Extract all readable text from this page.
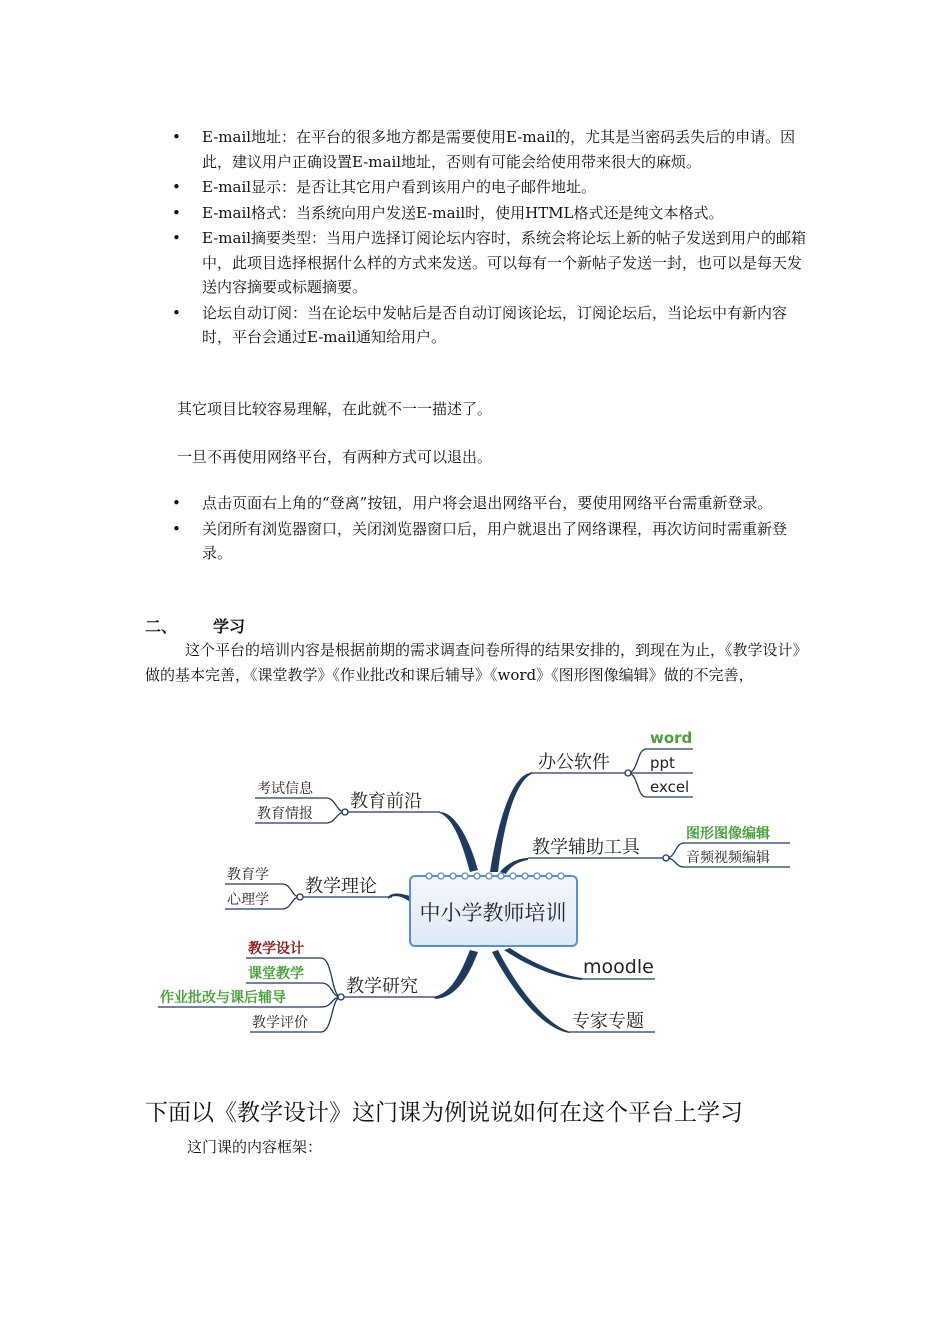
• E-mail地址：在平台的很多地方都是需要使用E-mail的，尤其是当密码丢失后的申请。因此，建议用户正确设置E-mail地址，否则有可能会给使用带来很大的麻烦。
• E-mail显示：是否让其它用户看到该用户的电子邮件地址。
• E-mail格式：当系统向用户发送E-mail时，使用HTML格式还是纯文本格式。
• E-mail摘要类型：当用户选择订阅论坛内容时，系统会将论坛上新的帖子发送到用户的邮箱中，此项目选择根据什么样的方式来发送。可以每有一个新帖子发送一封，也可以是每天发送内容摘要或标题摘要。
• 论坛自动订阅：当在论坛中发帖后是否自动订阅该论坛，订阅论坛后，当论坛中有新内容时，平台会通过E-mail通知给用户。
其它项目比较容易理解，在此就不一一描述了。
一旦不再使用网络平台，有两种方式可以退出。
• 点击页面右上角的“登离”按钮，用户将会退出网络平台，要使用网络平台需重新登录。
• 关闭所有浏览器窗口，关闭浏览器窗口后，用户就退出了网络课程，再次访问时需重新登录。
二、 学习
这个平台的培训内容是根据前期的需求调查问卷所得的结果安排的，到现在为止，《教学设计》做的基本完善，《课堂教学》《作业批改和课后辅导》《word》《图形图像编辑》做的不完善，
中小学教师培训
教育前沿
教学理论
教学研究
办公软件
教学辅助工具
moodle
专家专题
考试信息
教育情报
教育学
心理学
教学设计
课堂教学
作业批改与课后辅导
教学评价
word
ppt
excel
图形图像编辑
音频视频编辑
下面以《教学设计》这门课为例说说如何在这个平台上学习
这门课的内容框架：
